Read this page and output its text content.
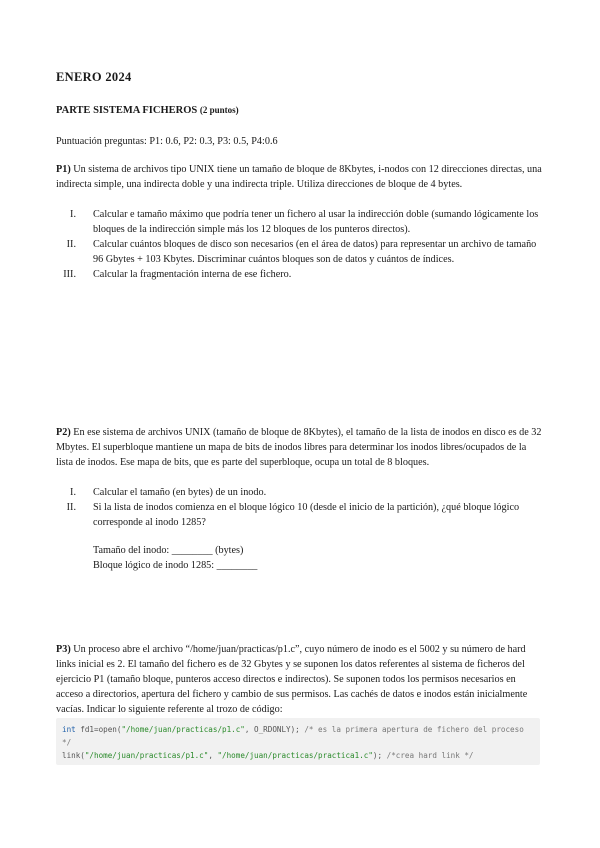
ENERO 2024
PARTE SISTEMA FICHEROS (2 puntos)
Puntuación preguntas: P1: 0.6, P2: 0.3, P3: 0.5, P4:0.6
P1) Un sistema de archivos tipo UNIX tiene un tamaño de bloque de 8Kbytes, i-nodos con 12 direcciones directas, una indirecta simple, una indirecta doble y una indirecta triple. Utiliza direcciones de bloque de 4 bytes.
I. Calcular e tamaño máximo que podría tener un fichero al usar la indirección doble (sumando lógicamente los bloques de la indirección simple más los 12 bloques de los punteros directos).
II. Calcular cuántos bloques de disco son necesarios (en el área de datos) para representar un archivo de tamaño 96 Gbytes + 103 Kbytes. Discriminar cuántos bloques son de datos y cuántos de índices.
III. Calcular la fragmentación interna de ese fichero.
P2) En ese sistema de archivos UNIX (tamaño de bloque de 8Kbytes), el tamaño de la lista de inodos en disco es de 32 Mbytes. El superbloque mantiene un mapa de bits de inodos libres para determinar los inodos libres/ocupados de la lista de inodos. Ese mapa de bits, que es parte del superbloque, ocupa un total de 8 bloques.
I. Calcular el tamaño (en bytes) de un inodo.
II. Si la lista de inodos comienza en el bloque lógico 10 (desde el inicio de la partición), ¿qué bloque lógico corresponde al inodo 1285?
Tamaño del inodo: ________ (bytes)
Bloque lógico de inodo 1285: ________
P3) Un proceso abre el archivo “/home/juan/practicas/p1.c”, cuyo número de inodo es el 5002 y su número de hard links inicial es 2. El tamaño del fichero es de 32 Gbytes y se suponen los datos referentes al sistema de ficheros del ejercicio P1 (tamaño bloque, punteros acceso directos e indirectos). Se suponen todos los permisos necesarios en acceso a directorios, apertura del fichero y cambio de sus permisos. Las cachés de datos e inodos están inicialmente vacías. Indicar lo siguiente referente al trozo de código:
int fd1=open("/home/juan/practicas/p1.c", O_RDONLY); /* es la primera apertura de fichero del proceso */
link("/home/juan/practicas/p1.c", "/home/juan/practicas/practica1.c"); /*crea hard link */
